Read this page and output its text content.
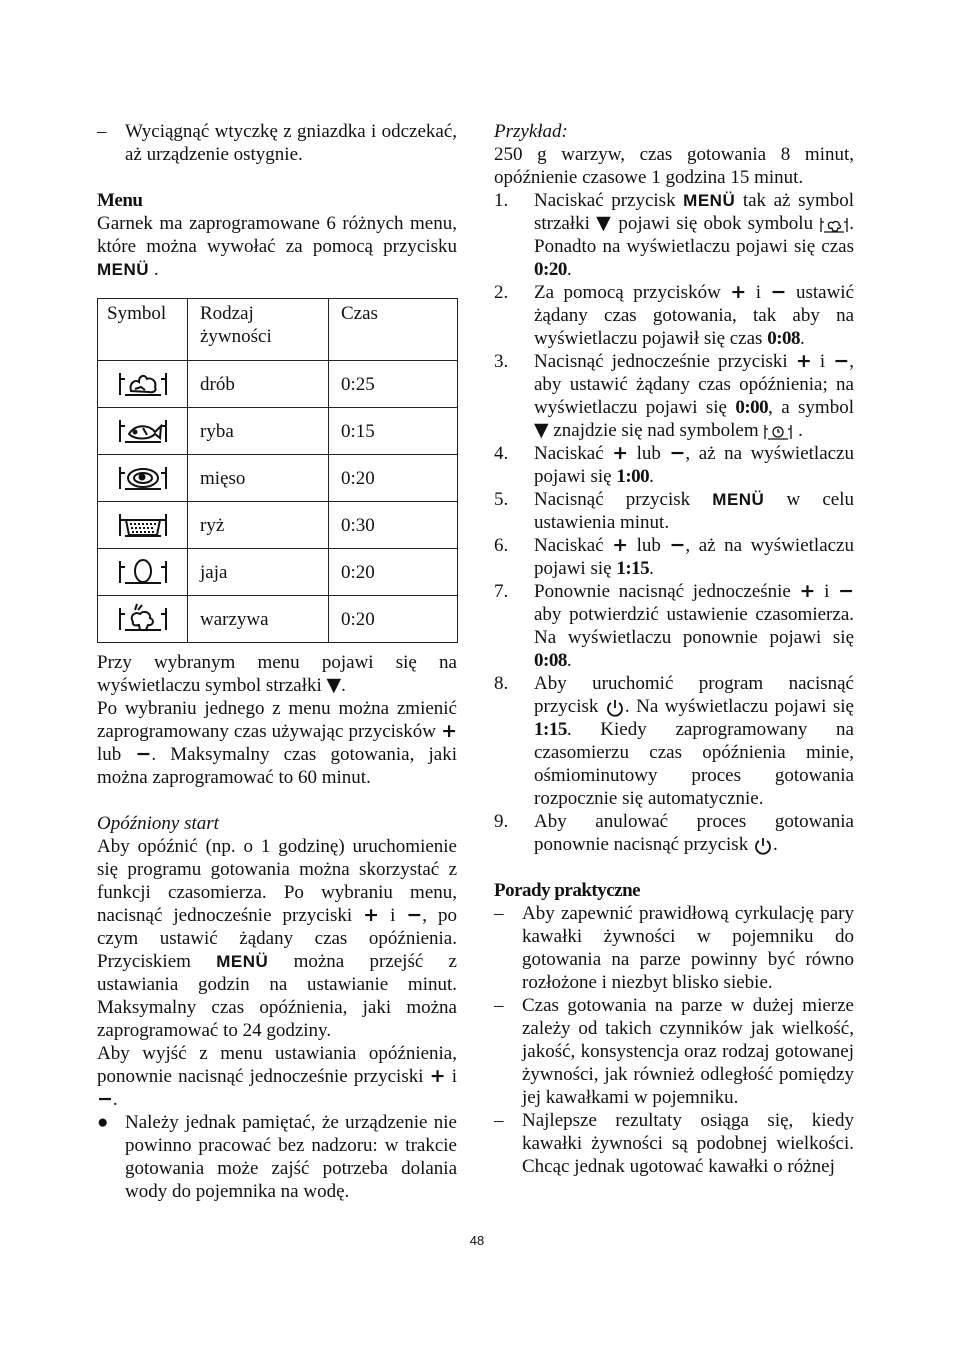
– Wyciągnąć wtyczkę z gniazdka i odczekać, aż urządzenie ostygnie.

Menu

Garnek ma zaprogramowane 6 różnych menu, które można wywołać za pomocą przycisku MENÜ .

Symbol	Rodzaj żywności	Czas
	drób	0:25
	ryba	0:15
	mięso	0:20
	ryż	0:30
	jaja	0:20
	warzywa	0:20

Przy wybranym menu pojawi się na wyświetlaczu symbol strzałki ▼.

Po wybraniu jednego z menu można zmienić zaprogramowany czas używając przycisków + lub −. Maksymalny czas gotowania, jaki można zaprogramować to 60 minut.

Opóźniony start

Aby opóźnić (np. o 1 godzinę) uruchomienie się programu gotowania można skorzystać z funkcji czasomierza. Po wybraniu menu, nacisnąć jednocześnie przyciski + i −, po czym ustawić żądany czas opóźnienia. Przyciskiem MENÜ można przejść z ustawiania godzin na ustawianie minut. Maksymalny czas opóźnienia, jaki można zaprogramować to 24 godziny.

Aby wyjść z menu ustawiania opóźnienia, ponownie nacisnąć jednocześnie przyciski + i −.

● Należy jednak pamiętać, że urządzenie nie powinno pracować bez nadzoru: w trakcie gotowania może zajść potrzeba dolania wody do pojemnika na wodę.

Przykład:

250 g warzyw, czas gotowania 8 minut, opóźnienie czasowe 1 godzina 15 minut.

1.	Naciskać przycisk MENÜ tak aż symbol strzałki ▼ pojawi się obok symbolu . Ponadto na wyświetlaczu pojawi się czas 0:20.
2.	Za pomocą przycisków + i − ustawić żądany czas gotowania, tak aby na wyświetlaczu pojawił się czas 0:08.
3.	Nacisnąć jednocześnie przyciski + i −, aby ustawić żądany czas opóźnienia; na wyświetlaczu pojawi się 0:00, a symbol ▼ znajdzie się nad symbolem .
4.	Naciskać + lub −, aż na wyświetlaczu pojawi się 1:00.
5.	Nacisnąć przycisk MENÜ w celu ustawienia minut.
6.	Naciskać + lub −, aż na wyświetlaczu pojawi się 1:15.
7.	Ponownie nacisnąć jednocześnie + i − aby potwierdzić ustawienie czasomierza. Na wyświetlaczu ponownie pojawi się 0:08.
8.	Aby uruchomić program nacisnąć przycisk . Na wyświetlaczu pojawi się 1:15. Kiedy zaprogramowany na czasomierzu czas opóźnienia minie, ośmiominutowy proces gotowania rozpocznie się automatycznie.
9.	Aby anulować proces gotowania ponownie nacisnąć przycisk .

Porady praktyczne

– Aby zapewnić prawidłową cyrkulację pary kawałki żywności w pojemniku do gotowania na parze powinny być równo rozłożone i niezbyt blisko siebie.
– Czas gotowania na parze w dużej mierze zależy od takich czynników jak wielkość, jakość, konsystencja oraz rodzaj gotowanej żywności, jak również odległość pomiędzy jej kawałkami w pojemniku.
– Najlepsze rezultaty osiąga się, kiedy kawałki żywności są podobnej wielkości. Chcąc jednak ugotować kawałki o różnej
48
